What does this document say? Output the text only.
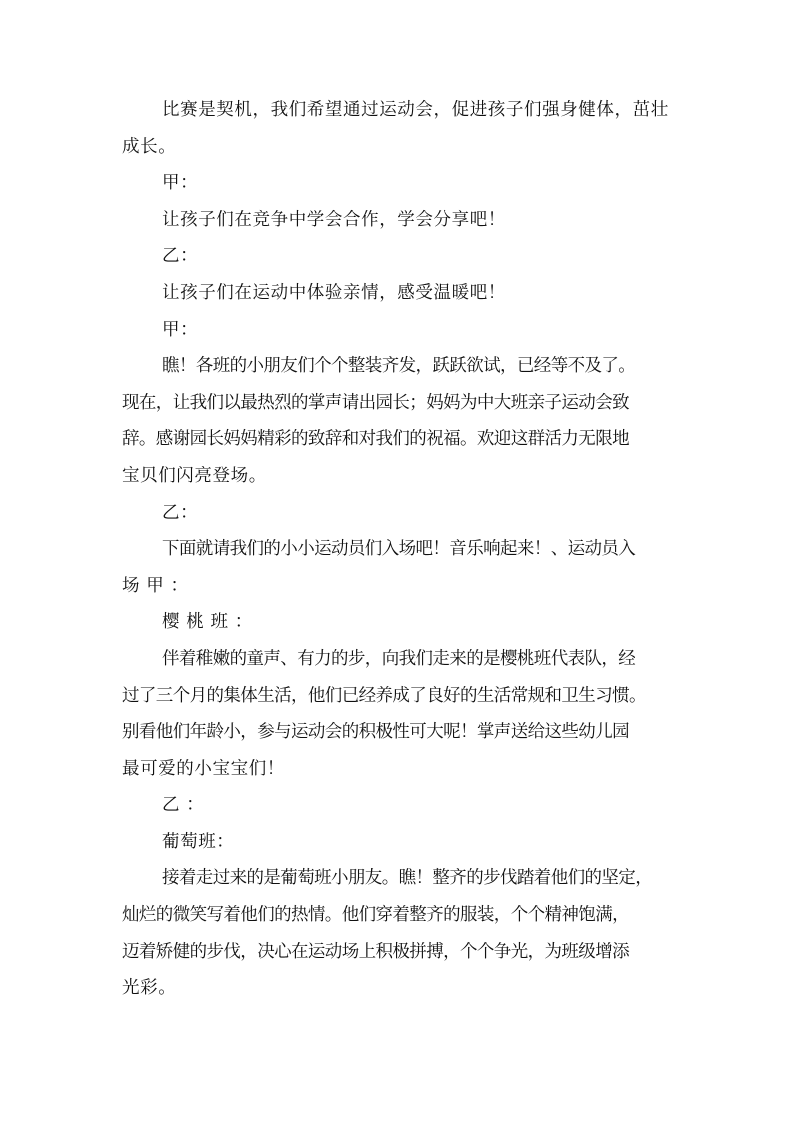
比赛是契机，我们希望通过运动会，促进孩子们强身健体，茁壮
成长。
甲：
让孩子们在竞争中学会合作，学会分享吧！
乙：
让孩子们在运动中体验亲情，感受温暖吧！
甲：
瞧！各班的小朋友们个个整装齐发，跃跃欲试，已经等不及了。
现在，让我们以最热烈的掌声请出园长；妈妈为中大班亲子运动会致
辞。感谢园长妈妈精彩的致辞和对我们的祝福。欢迎这群活力无限地
宝贝们闪亮登场。
乙：
下面就请我们的小小运动员们入场吧！音乐响起来！、运动员入
场 甲 ：
樱 桃 班 ：
伴着稚嫩的童声、有力的步，向我们走来的是樱桃班代表队，经
过了三个月的集体生活，他们已经养成了良好的生活常规和卫生习惯。
别看他们年龄小，参与运动会的积极性可大呢！掌声送给这些幼儿园
最可爱的小宝宝们！
乙 ：
葡萄班：
接着走过来的是葡萄班小朋友。瞧！整齐的步伐踏着他们的坚定，
灿烂的微笑写着他们的热情。他们穿着整齐的服装，个个精神饱满，
迈着矫健的步伐，决心在运动场上积极拼搏，个个争光，为班级增添
光彩。
